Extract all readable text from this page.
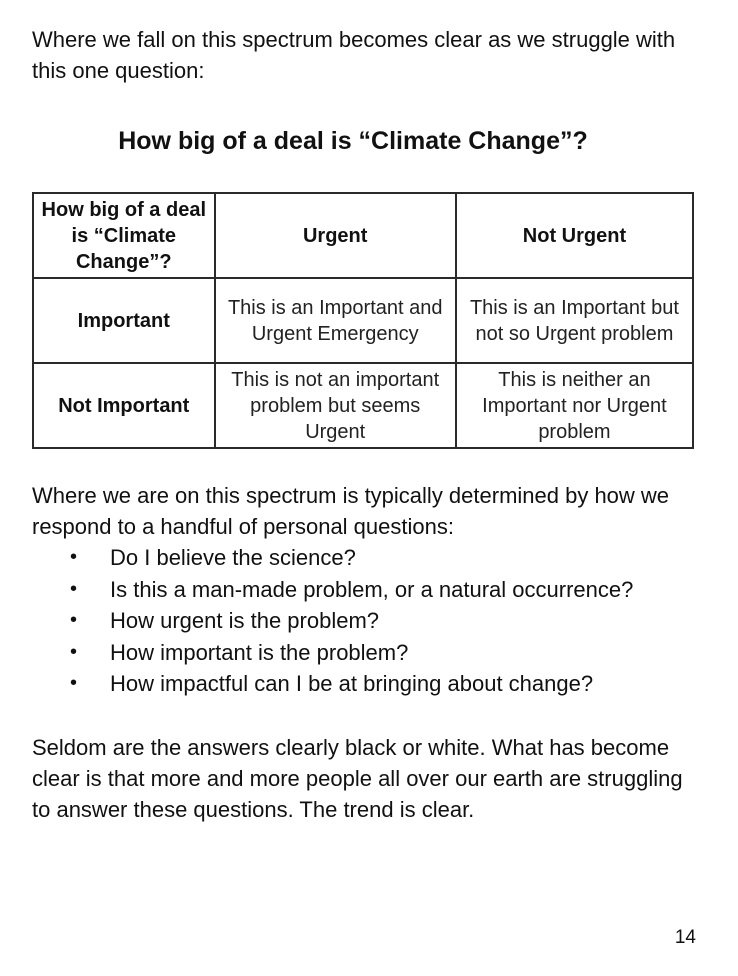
Where we fall on this spectrum becomes clear as we struggle with this one question:

How big of a deal is “Climate Change”?
How big of a deal is “Climate Change”?	Urgent	Not Urgent
Important	This is an Important and Urgent Emergency	This is an Important but not so Urgent problem
Not Important	This is not an important problem but seems Urgent	This is neither an Important nor Urgent problem

Where we are on this spectrum is typically determined by how we respond to a handful of personal questions:

• Do I believe the science?
• Is this a man-made problem, or a natural occurrence?
• How urgent is the problem?
• How important is the problem?
• How impactful can I be at bringing about change?

Seldom are the answers clearly black or white. What has become clear is that more and more people all over our earth are struggling to answer these questions. The trend is clear.

14
